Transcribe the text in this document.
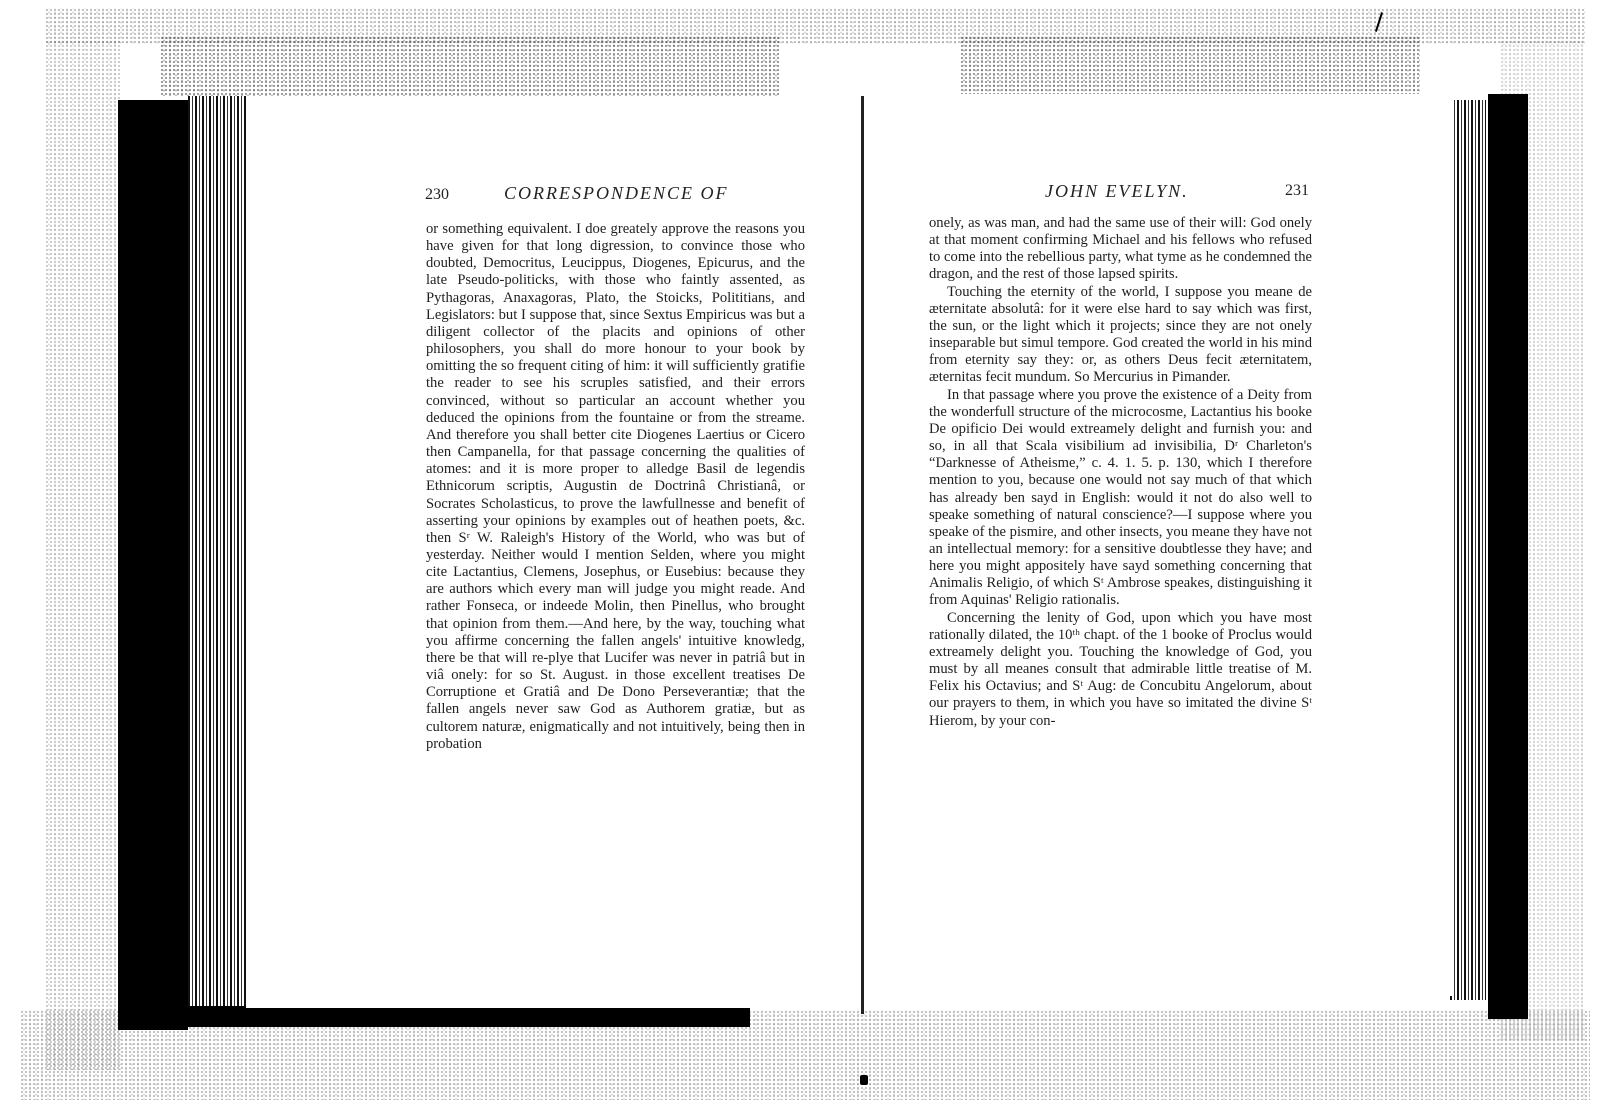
230	CORRESPONDENCE OF

or something equivalent. I doe greately approve the reasons you have given for that long digression, to convince those who doubted, Democritus, Leucippus, Diogenes, Epicurus, and the late Pseudo-politicks, with those who faintly assented, as Pythagoras, Anaxagoras, Plato, the Stoicks, Polititians, and Legislators: but I suppose that, since Sextus Empiricus was but a diligent collector of the placits and opinions of other philosophers, you shall do more honour to your book by omitting the so frequent citing of him: it will sufficiently gratifie the reader to see his scruples satisfied, and their errors convinced, without so particular an account whether you deduced the opinions from the fountaine or from the streame. And therefore you shall better cite Diogenes Laertius or Cicero then Campanella, for that passage concerning the qualities of atomes: and it is more proper to alledge Basil de legendis Ethnicorum scriptis, Augustin de Doctrinâ Christianâ, or Socrates Scholasticus, to prove the lawfullnesse and benefit of asserting your opinions by examples out of heathen poets, &c. then Sʳ W. Raleigh's History of the World, who was but of yesterday. Neither would I mention Selden, where you might cite Lactantius, Clemens, Josephus, or Eusebius: because they are authors which every man will judge you might reade. And rather Fonseca, or indeede Molin, then Pinellus, who brought that opinion from them.—And here, by the way, touching what you affirme concerning the fallen angels' intuitive knowledg, there be that will re-plye that Lucifer was never in patriâ but in viâ onely: for so St. August. in those excellent treatises De Corruptione et Gratiâ and De Dono Perseverantiæ; that the fallen angels never saw God as Authorem gratiæ, but as cultorem naturæ, enigmatically and not intuitively, being then in probation

JOHN EVELYN.	231

onely, as was man, and had the same use of their will: God onely at that moment confirming Michael and his fellows who refused to come into the rebellious party, what tyme as he condemned the dragon, and the rest of those lapsed spirits.

Touching the eternity of the world, I suppose you meane de æternitate absolutâ: for it were else hard to say which was first, the sun, or the light which it projects; since they are not onely inseparable but simul tempore. God created the world in his mind from eternity say they: or, as others Deus fecit æternitatem, æternitas fecit mundum. So Mercurius in Pimander.

In that passage where you prove the existence of a Deity from the wonderfull structure of the microcosme, Lactantius his booke De opificio Dei would extreamely delight and furnish you: and so, in all that Scala visibilium ad invisibilia, Dʳ Charleton's “Darknesse of Atheisme,” c. 4. 1. 5. p. 130, which I therefore mention to you, because one would not say much of that which has already ben sayd in English: would it not do also well to speake something of natural conscience?—I suppose where you speake of the pismire, and other insects, you meane they have not an intellectual memory: for a sensitive doubtlesse they have; and here you might appositely have sayd something concerning that Animalis Religio, of which Sᵗ Ambrose speakes, distinguishing it from Aquinas' Religio rationalis.

Concerning the lenity of God, upon which you have most rationally dilated, the 10ᵗʰ chapt. of the 1 booke of Proclus would extreamely delight you. Touching the knowledge of God, you must by all meanes consult that admirable little treatise of M. Felix his Octavius; and Sᵗ Aug: de Concubitu Angelorum, about our prayers to them, in which you have so imitated the divine Sᵗ Hierom, by your con-
